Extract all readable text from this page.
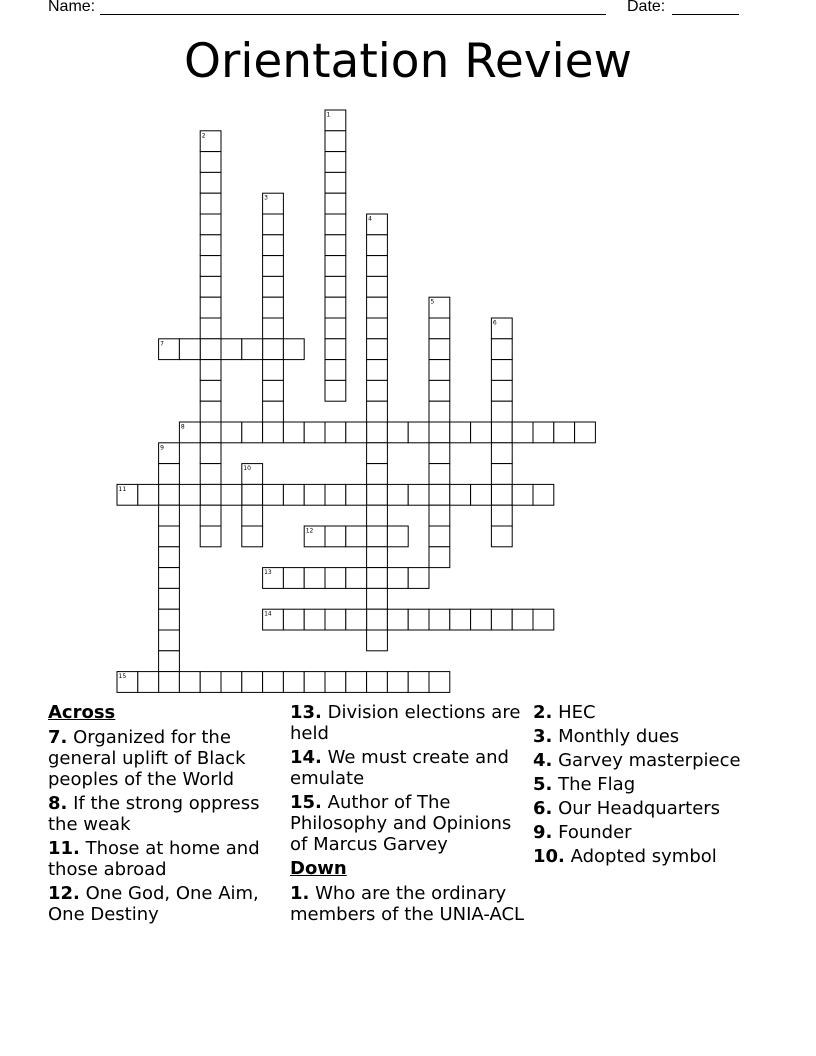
Name:	Date:
Orientation Review
1
2
3
4
5
6
7
8
9
10
11
12
13
14
15
Across
7. Organized for the general uplift of Black peoples of the World
8. If the strong oppress the weak
11. Those at home and those abroad
12. One God, One Aim, One Destiny
13. Division elections are held
14. We must create and emulate
15. Author of The Philosophy and Opinions of Marcus Garvey
Down
1. Who are the ordinary members of the UNIA-ACL
2. HEC
3. Monthly dues
4. Garvey masterpiece
5. The Flag
6. Our Headquarters
9. Founder
10. Adopted symbol
